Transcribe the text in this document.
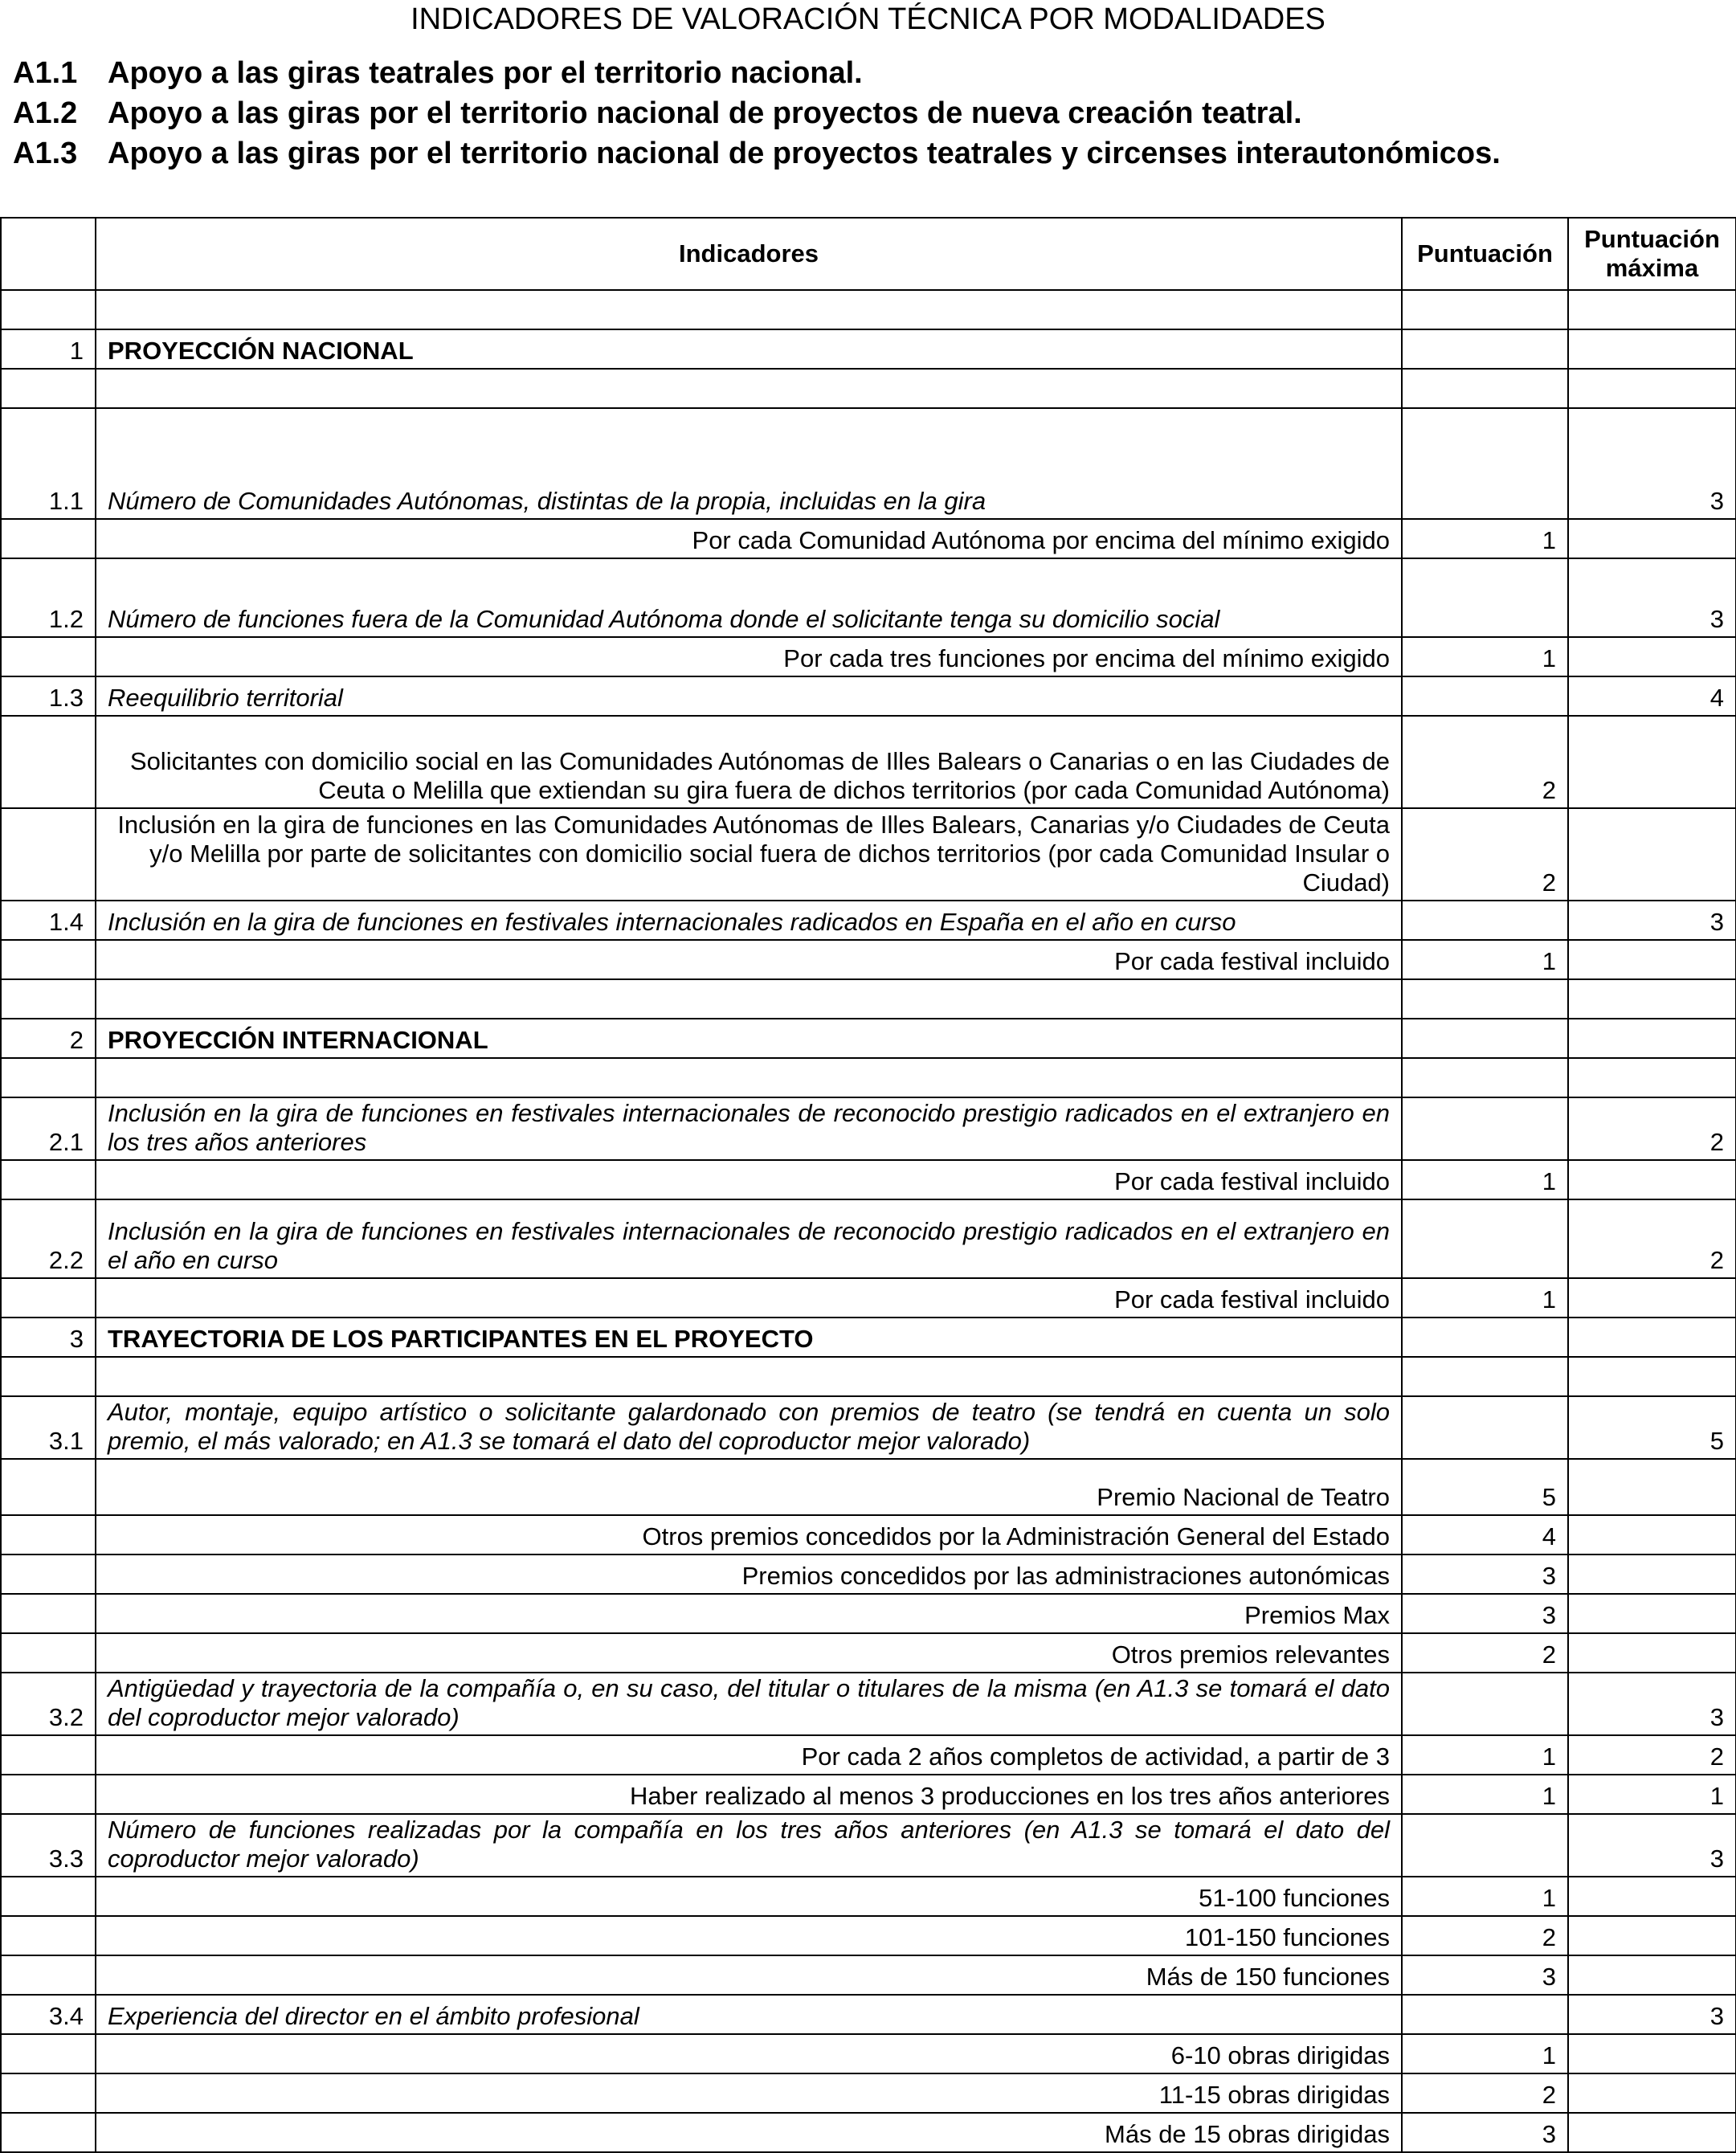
INDICADORES DE VALORACIÓN TÉCNICA POR MODALIDADES
A1.1 Apoyo a las giras teatrales por el territorio nacional.
A1.2 Apoyo a las giras por el territorio nacional de proyectos de nueva creación teatral.
A1.3 Apoyo a las giras por el territorio nacional de proyectos teatrales y circenses interautonómicos.
	Indicadores	Puntuación	Puntuación máxima

1	PROYECCIÓN NACIONAL		

1.1	Número de Comunidades Autónomas, distintas de la propia, incluidas en la gira		3
	Por cada Comunidad Autónoma por encima del mínimo exigido	1	
1.2	Número de funciones fuera de la Comunidad Autónoma donde el solicitante tenga su domicilio social		3
	Por cada tres funciones por encima del mínimo exigido	1	
1.3	Reequilibrio territorial		4
	Solicitantes con domicilio social en las Comunidades Autónomas de Illes Balears o Canarias o en las Ciudades de Ceuta o Melilla que extiendan su gira fuera de dichos territorios (por cada Comunidad Autónoma)	2	
	Inclusión en la gira de funciones en las Comunidades Autónomas de Illes Balears, Canarias y/o Ciudades de Ceuta y/o Melilla por parte de solicitantes con domicilio social fuera de dichos territorios (por cada Comunidad Insular o Ciudad)	2	
1.4	Inclusión en la gira de funciones en festivales internacionales radicados en España en el año en curso		3
	Por cada festival incluido	1	

2	PROYECCIÓN INTERNACIONAL		

2.1	Inclusión en la gira de funciones en festivales internacionales de reconocido prestigio radicados en el extranjero en los tres años anteriores		2
	Por cada festival incluido	1	
2.2	Inclusión en la gira de funciones en festivales internacionales de reconocido prestigio radicados en el extranjero en el año en curso		2
	Por cada festival incluido	1	
3	TRAYECTORIA DE LOS PARTICIPANTES EN EL PROYECTO		

3.1	Autor, montaje, equipo artístico o solicitante galardonado con premios de teatro (se tendrá en cuenta un solo premio, el más valorado; en A1.3 se tomará el dato del coproductor mejor valorado)		5
	Premio Nacional de Teatro	5	
	Otros premios concedidos por la Administración General del Estado	4	
	Premios concedidos por las administraciones autonómicas	3	
	Premios Max	3	
	Otros premios relevantes	2	
3.2	Antigüedad y trayectoria de la compañía o, en su caso, del titular o titulares de la misma (en A1.3 se tomará el dato del coproductor mejor valorado)		3
	Por cada 2 años completos de actividad, a partir de 3	1	2
	Haber realizado al menos 3 producciones en los tres años anteriores	1	1
3.3	Número de funciones realizadas por la compañía en los tres años anteriores (en A1.3 se tomará el dato del coproductor mejor valorado)		3
	51-100 funciones	1	
	101-150 funciones	2	
	Más de 150 funciones	3	
3.4	Experiencia del director en el ámbito profesional		3
	6-10 obras dirigidas	1	
	11-15 obras dirigidas	2	
	Más de 15 obras dirigidas	3	
